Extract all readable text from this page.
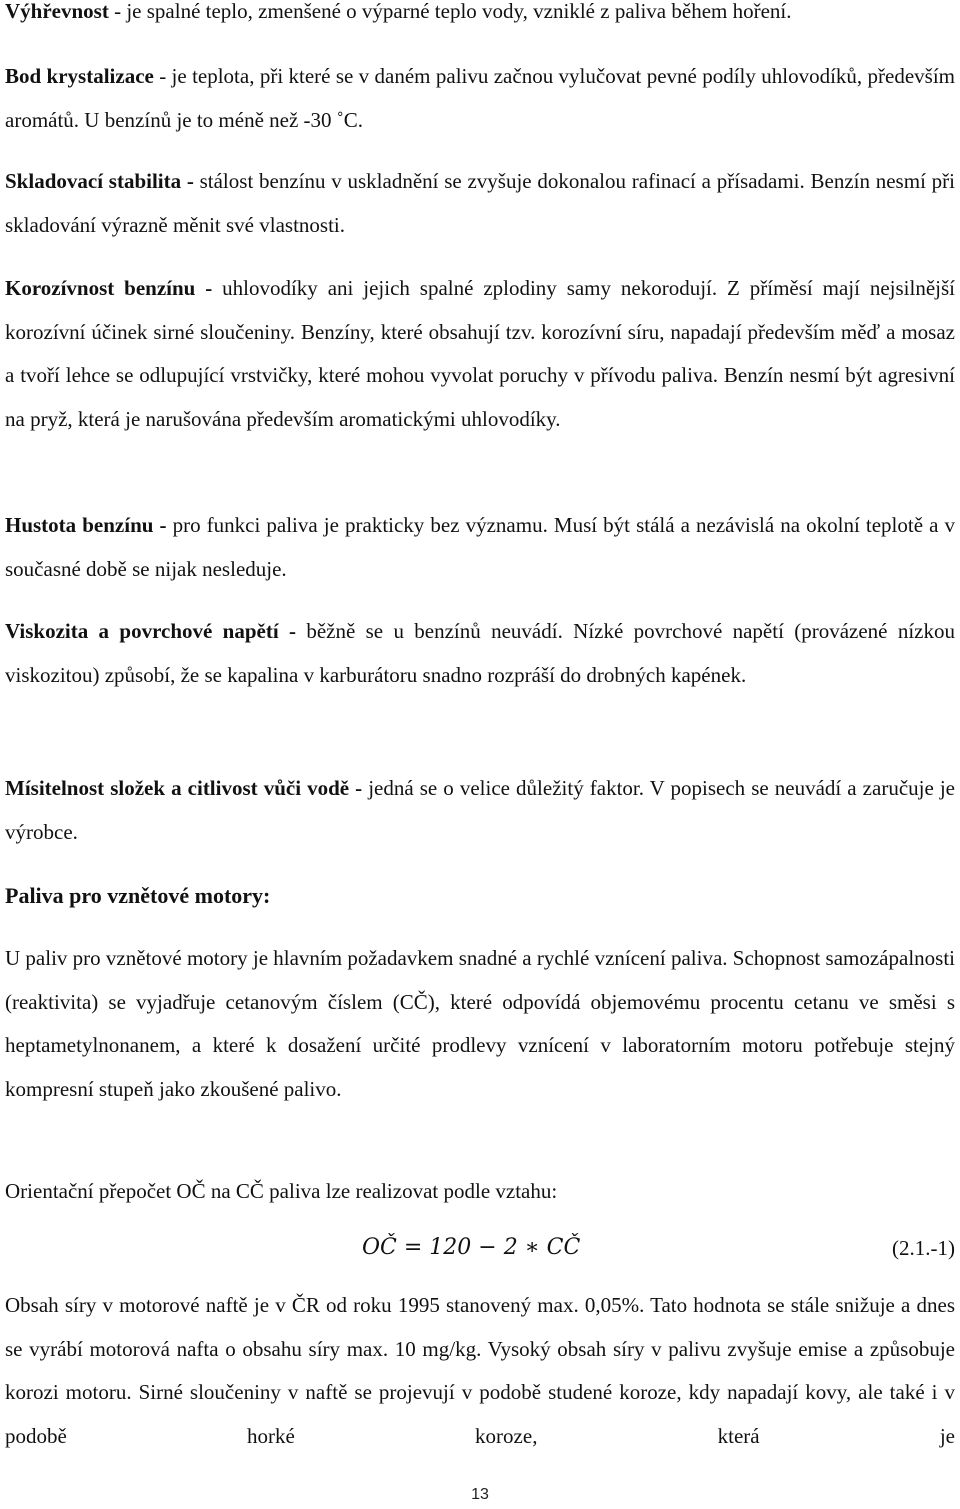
Výhřevnost - je spalné teplo, zmenšené o výparné teplo vody, vzniklé z paliva během hoření.

Bod krystalizace - je teplota, při které se v daném palivu začnou vylučovat pevné podíly uhlovodíků, především aromátů. U benzínů je to méně než -30 ˚C.

Skladovací stabilita - stálost benzínu v uskladnění se zvyšuje dokonalou rafinací a přísadami. Benzín nesmí při skladování výrazně měnit své vlastnosti.

Korozívnost benzínu - uhlovodíky ani jejich spalné zplodiny samy nekorodují. Z příměsí mají nejsilnější korozívní účinek sirné sloučeniny. Benzíny, které obsahují tzv. korozívní síru, napadají především měď a mosaz a tvoří lehce se odlupující vrstvičky, které mohou vyvolat poruchy v přívodu paliva. Benzín nesmí být agresivní na pryž, která je narušována především aromatickými uhlovodíky.

Hustota benzínu - pro funkci paliva je prakticky bez významu. Musí být stálá a nezávislá na okolní teplotě a v současné době se nijak nesleduje.

Viskozita a povrchové napětí - běžně se u benzínů neuvádí. Nízké povrchové napětí (provázené nízkou viskozitou) způsobí, že se kapalina v karburátoru snadno rozpráší do drobných kapének.

Mísitelnost složek a citlivost vůči vodě - jedná se o velice důležitý faktor. V popisech se neuvádí a zaručuje je výrobce.

Paliva pro vznětové motory:

U paliv pro vznětové motory je hlavním požadavkem snadné a rychlé vznícení paliva. Schopnost samozápalnosti (reaktivita) se vyjadřuje cetanovým číslem (CČ), které odpovídá objemovému procentu cetanu ve směsi s heptametylnonanem, a které k dosažení určité prodlevy vznícení v laboratorním motoru potřebuje stejný kompresní stupeň jako zkoušené palivo.

Orientační přepočet OČ na CČ paliva lze realizovat podle vztahu:

OČ = 120 − 2 ∗ CČ	(2.1.-1)

Obsah síry v motorové naftě je v ČR od roku 1995 stanovený max. 0,05%. Tato hodnota se stále snižuje a dnes se vyrábí motorová nafta o obsahu síry max. 10 mg/kg. Vysoký obsah síry v palivu zvyšuje emise a způsobuje korozi motoru. Sirné sloučeniny v naftě se projevují v podobě studené koroze, kdy napadají kovy, ale také i v podobě horké koroze, která je

13
